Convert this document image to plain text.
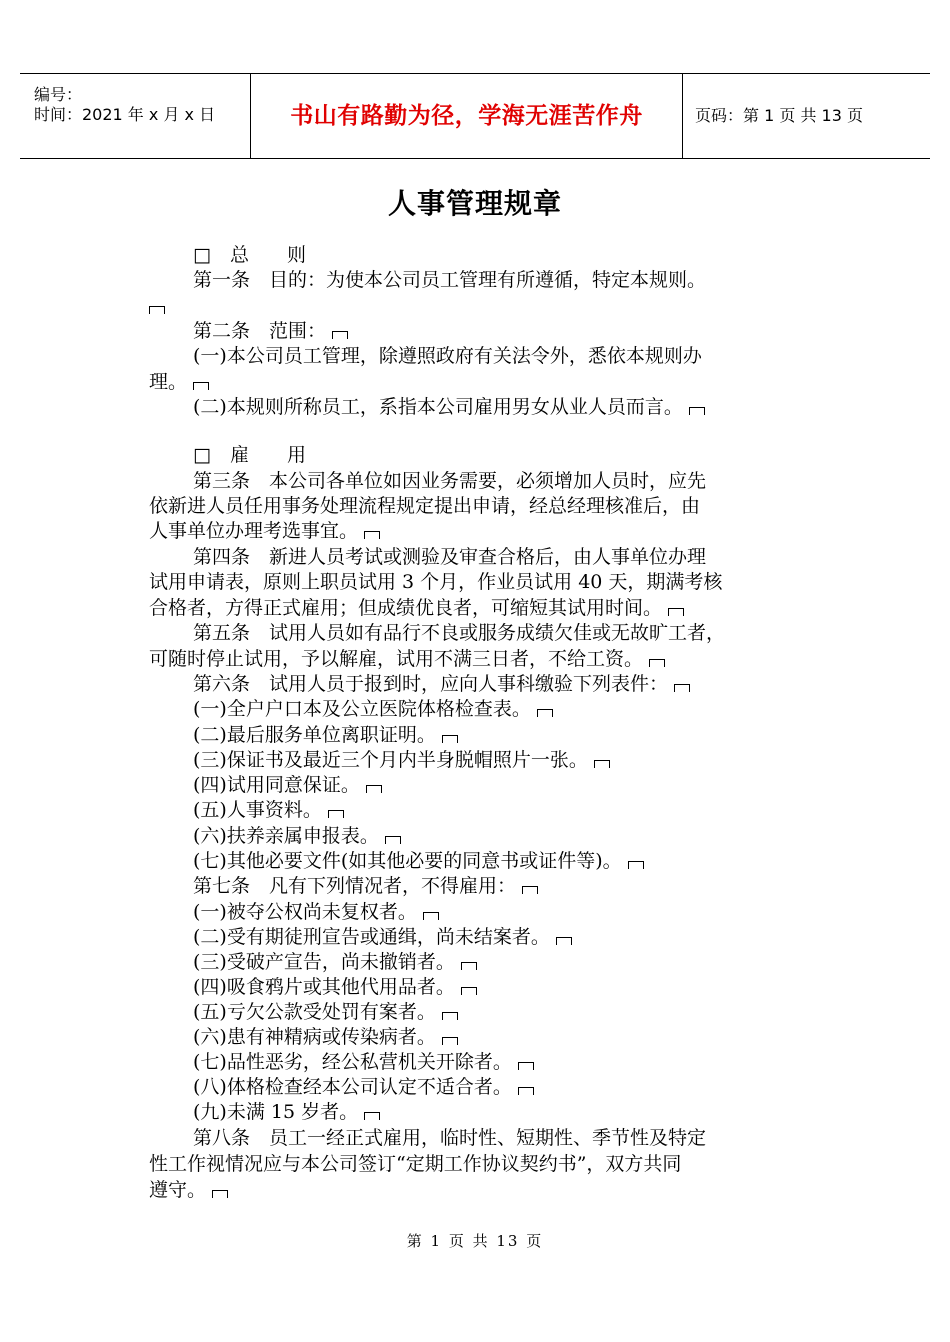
编号：
时间：2021 年 x 月 x 日	书山有路勤为径，学海无涯苦作舟	页码：第 1 页 共 13 页
人事管理规章
□　总　　则
第一条　目的：为使本公司员工管理有所遵循，特定本规则。
第二条　范围：
(一)本公司员工管理，除遵照政府有关法令外，悉依本规则办
理。
(二)本规则所称员工，系指本公司雇用男女从业人员而言。
□　雇　　用
第三条　本公司各单位如因业务需要，必须增加人员时，应先
依新进人员任用事务处理流程规定提出申请，经总经理核准后，由
人事单位办理考选事宜。
第四条　新进人员考试或测验及审查合格后，由人事单位办理
试用申请表，原则上职员试用 3 个月，作业员试用 40 天，期满考核
合格者，方得正式雇用；但成绩优良者，可缩短其试用时间。
第五条　试用人员如有品行不良或服务成绩欠佳或无故旷工者，
可随时停止试用，予以解雇，试用不满三日者，不给工资。
第六条　试用人员于报到时，应向人事科缴验下列表件：
(一)全户户口本及公立医院体格检查表。
(二)最后服务单位离职证明。
(三)保证书及最近三个月内半身脱帽照片一张。
(四)试用同意保证。
(五)人事资料。
(六)扶养亲属申报表。
(七)其他必要文件(如其他必要的同意书或证件等)。
第七条　凡有下列情况者，不得雇用：
(一)被夺公权尚未复权者。
(二)受有期徒刑宣告或通缉，尚未结案者。
(三)受破产宣告，尚未撤销者。
(四)吸食鸦片或其他代用品者。
(五)亏欠公款受处罚有案者。
(六)患有神精病或传染病者。
(七)品性恶劣，经公私营机关开除者。
(八)体格检查经本公司认定不适合者。
(九)未满 15 岁者。
第八条　员工一经正式雇用，临时性、短期性、季节性及特定
性工作视情况应与本公司签订“定期工作协议契约书”，双方共同
遵守。
第 1 页 共 13 页
